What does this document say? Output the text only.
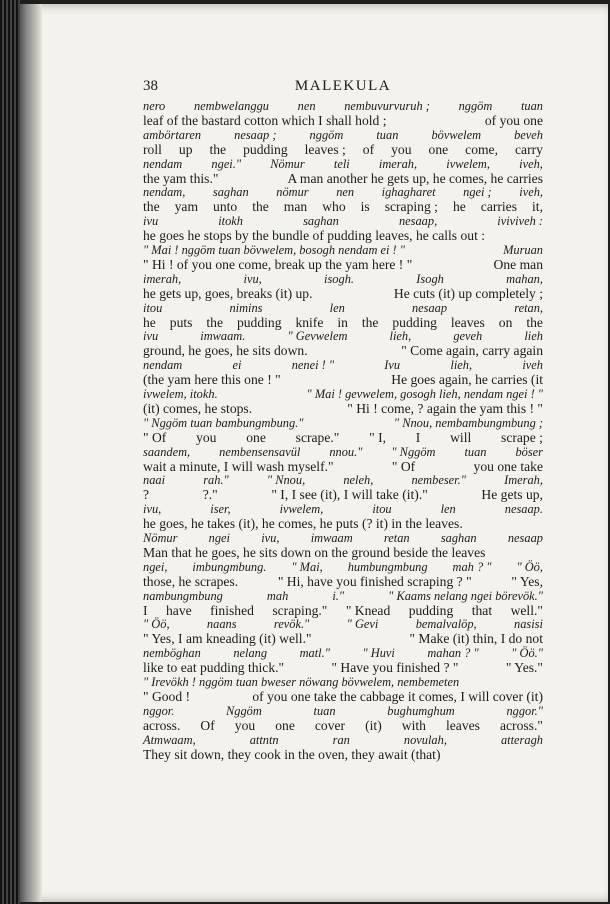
38	MALEKULA
nero nembwelanggu nen nembuvurvuruh ; nggöm tuan
leaf of the bastard cotton which I shall hold ;	of you one
ambörtaren	nesaap ;	nggöm	tuan	bövwelem	beveh
roll up the pudding leaves ; of you one come, carry
nendam ngei." Nömur teli imerah, ivwelem, iveh,
the yam this."	A man another he gets up, he comes, he carries
nendam, saghan nömur nen ighagharet ngei ; iveh,
the yam unto the man who is scraping ; he carries it,
ivu	itokh	saghan	nesaap,	iviviveh :
he goes he stops by the bundle of pudding leaves, he calls out :
" Mai ! nggöm tuan bövwelem, bosogh nendam ei ! "	Muruan
" Hi ! of you one come, break up the yam here ! "	One man
imerah,	ivu,	isogh.	Isogh	mahan,
he gets up, goes, breaks (it) up.	He cuts (it) up completely ;
itou	nimins	len	nesaap	retan,
he puts the pudding knife in the pudding leaves on the
ivu	imwaam.	" Gevwelem	lieh,	geveh	lieh
ground, he goes, he sits down.	" Come again, carry again
nendam	ei	nenei ! "	Ivu	lieh,	iveh
(the yam here this one ! "	He goes again, he carries (it
ivwelem, itokh.	" Mai ! gevwelem, gosogh lieh, nendam ngei ! "
(it) comes, he stops.	" Hi ! come, ? again the yam this ! "
" Nggöm tuan bambungmbung."	" Nnou, nembambungmbung ;
" Of you one scrape." " I, I will scrape ;
saandem, nembensensavül nnou." " Nggöm tuan böser
wait a minute, I will wash myself."	" Of	you one take
naai	rah."	" Nnou,	neleh,	nembeser."	Imerah,
?	?."	" I, I see (it), I will take (it)."	He gets up,
ivu,	iser,	ivwelem,	itou	len	nesaap.
he goes, he takes (it), he comes, he puts (? it) in the leaves.
Nömur	ngei	ivu,	imwaam	retan	saghan	nesaap
Man that he goes, he sits down on the ground beside the leaves
ngei, imbungmbung. " Mai, humbungmbung mah ? " " Öö,
those, he scrapes.	" Hi, have you finished scraping ? "	" Yes,
nambungmbung	mah	i."	" Kaams nelang ngei börevök."
I have finished scraping." " Knead pudding that well."
" Öö,	naans	revök."	" Gevi	bemalvalöp,	nasisi
" Yes, I am kneading (it) well."	" Make (it) thin, I do not
nemböghan	nelang	matl."	" Huvi	mahan ? "	" Öö."
like to eat pudding thick."	" Have you finished ? "	" Yes."
" Irevökh ! nggöm tuan bweser nöwang bövwelem, nembemeten
" Good !	of you one take the cabbage it comes, I will cover (it)
nggor.	Nggöm	tuan	bughumghum	nggor."
across. Of you one cover (it) with leaves across."
Atmwaam,	attntn	ran	novulah,	atteragh
They sit down, they cook in the oven, they await (that)
